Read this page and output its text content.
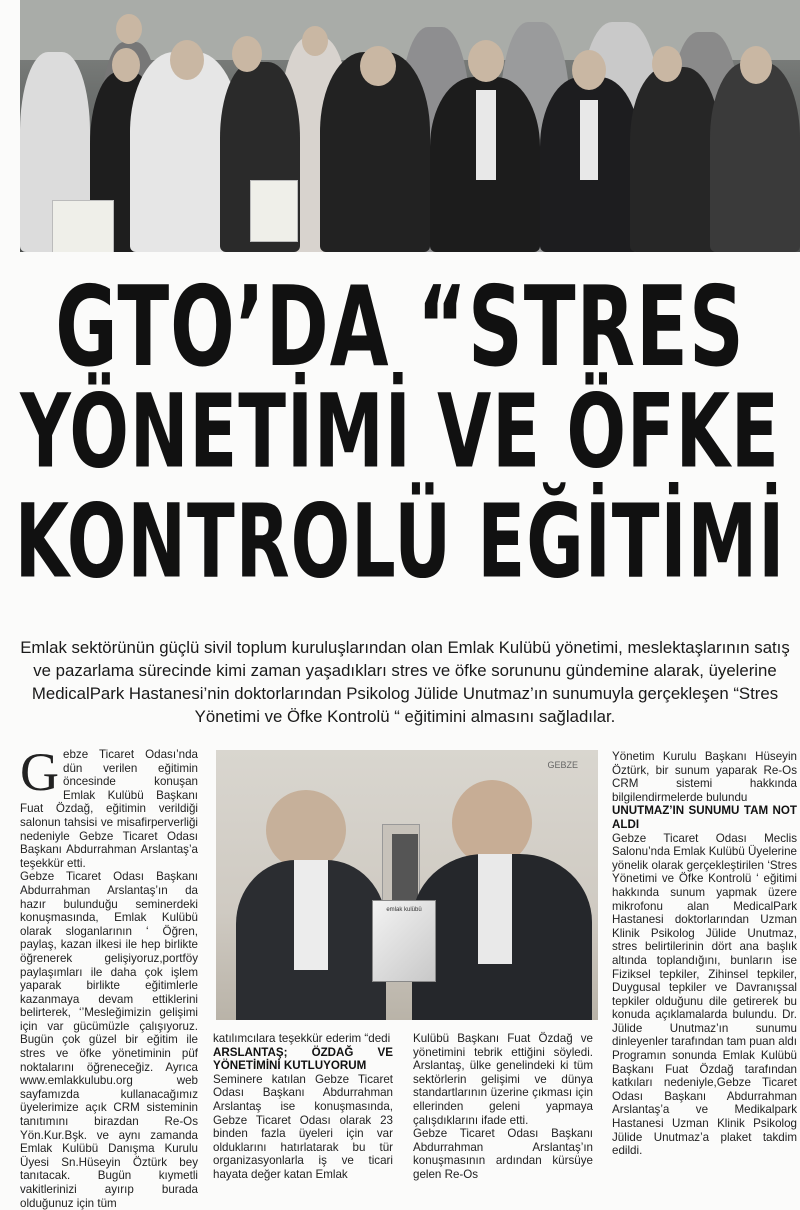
GTO’DA “STRES
YÖNETİMİ VE ÖFKE
KONTROLÜ EĞİTİMİ
Emlak sektörünün güçlü sivil toplum kuruluşlarından olan Emlak Kulübü yönetimi, meslektaşlarının satış ve pazarlama sürecinde kimi zaman yaşadıkları stres ve öfke sorununu gündemine alarak, üyelerine MedicalPark Hastanesi’nin doktorlarından Psikolog Jülide Unutmaz’ın sunumuyla gerçekleşen “Stres Yönetimi ve Öfke Kontrolü “ eğitimini almasını sağladılar.
G ebze Ticaret Odası’nda dün verilen eğitimin öncesinde konuşan Emlak Kulübü Başkanı Fuat Özdağ, eğitimin verildiği salonun tahsisi ve misafirperverliği nedeniyle Gebze Ticaret Odası Başkanı Abdurrahman Arslantaş’a teşekkür etti.

Gebze Ticaret Odası Başkanı Abdurrahman Arslantaş’ın da hazır bulunduğu seminerdeki konuşmasında, Emlak Kulübü olarak sloganlarının ‘ Öğren, paylaş, kazan ilkesi ile hep birlikte öğrenerek gelişiyoruz,portföy paylaşımları ile daha çok işlem yaparak birlikte eğitimlerle kazanmaya devam ettiklerini belirterek, ‘’Mesleğimizin gelişimi için var gücümüzle çalışıyoruz. Bugün çok güzel bir eğitim ile stres ve öfke yönetiminin püf noktalarını öğreneceğiz. Ayrıca www.emlakkulubu.org web sayfamızda kullanacağımız üyelerimize açık CRM sisteminin tanıtımını birazdan Re-Os Yön.Kur.Bşk. ve aynı zamanda Emlak Kulübü Danışma Kurulu Üyesi Sn.Hüseyin Öztürk bey tanıtacak. Bugün kıymetli vakitlerinizi ayırıp burada olduğunuz için tüm

emlak kulübü
GEBZE

katılımcılara teşekkür ederim “dedi

ARSLANTAŞ; ÖZDAĞ VE YÖNETİMİNİ KUTLUYORUM

Seminere katılan Gebze Ticaret Odası Başkanı Abdurrahman Arslantaş ise konuşmasında, Gebze Ticaret Odası olarak 23 binden fazla üyeleri için var olduklarını hatırlatarak bu tür organizasyonlarla iş ve ticari hayata değer katan Emlak

Kulübü Başkanı Fuat Özdağ ve yönetimini tebrik ettiğini söyledi. Arslantaş, ülke genelindeki ki tüm sektörlerin gelişimi ve dünya standartlarının üzerine çıkması için ellerinden geleni yapmaya çalışdıklarını ifade etti.

Gebze Ticaret Odası Başkanı Abdurrahman Arslantaş’ın konuşmasının ardından kürsüye gelen Re-Os

Yönetim Kurulu Başkanı Hüseyin Öztürk, bir sunum yaparak Re-Os CRM sistemi hakkında bilgilendirmelerde bulundu

UNUTMAZ’IN SUNUMU TAM NOT ALDI

Gebze Ticaret Odası Meclis Salonu’nda Emlak Kulübü Üyelerine yönelik olarak gerçekleştirilen ‘Stres Yönetimi ve Öfke Kontrolü ‘ eğitimi hakkında sunum yapmak üzere mikrofonu alan MedicalPark Hastanesi doktorlarından Uzman Klinik Psikolog Jülide Unutmaz, stres belirtilerinin dört ana başlık altında toplandığını, bunların ise Fiziksel tepkiler, Zihinsel tepkiler, Duygusal tepkiler ve Davranışsal tepkiler olduğunu dile getirerek bu konuda açıklamalarda bulundu. Dr. Jülide Unutmaz’ın sunumu dinleyenler tarafından tam puan aldı

Programın sonunda Emlak Kulübü Başkanı Fuat Özdağ tarafından katkıları nedeniyle,Gebze Ticaret Odası Başkanı Abdurrahman Arslantaş’a ve Medikalpark Hastanesi Uzman Klinik Psikolog Jülide Unutmaz’a plaket takdim edildi.
